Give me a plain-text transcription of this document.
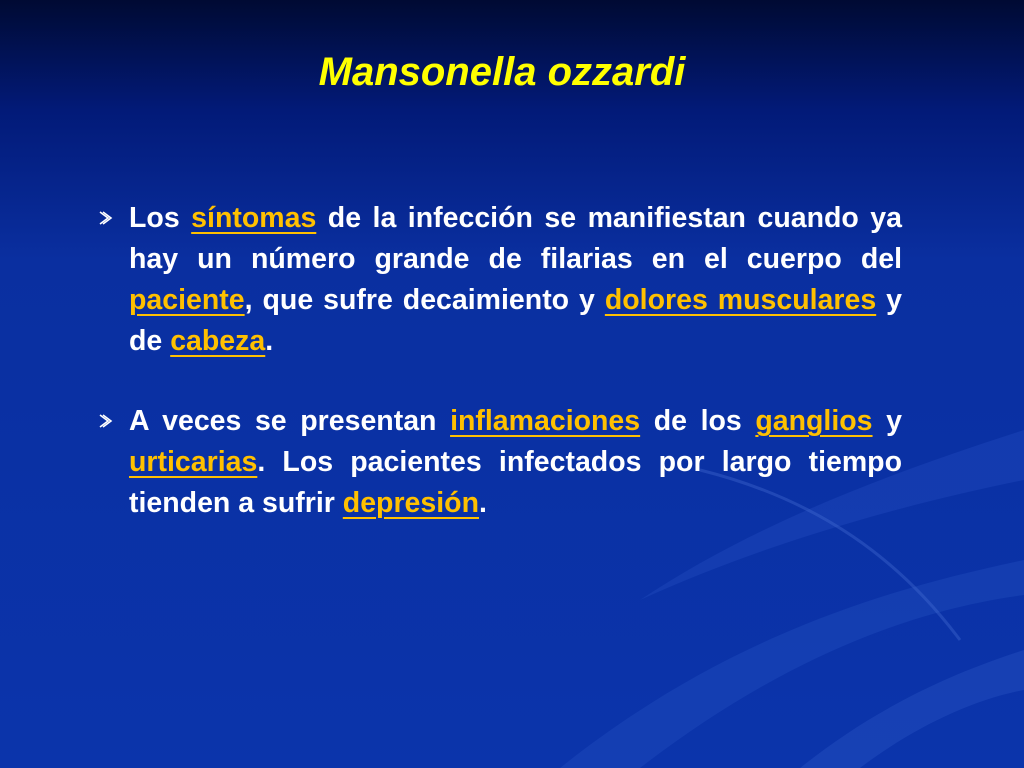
Mansonella ozzardi
Los síntomas de la infección se manifiestan cuando ya hay un número grande de filarias en el cuerpo del paciente, que sufre decaimiento y dolores musculares y de cabeza.
A veces se presentan inflamaciones de los ganglios y urticarias. Los pacientes infectados por largo tiempo tienden a sufrir depresión.
